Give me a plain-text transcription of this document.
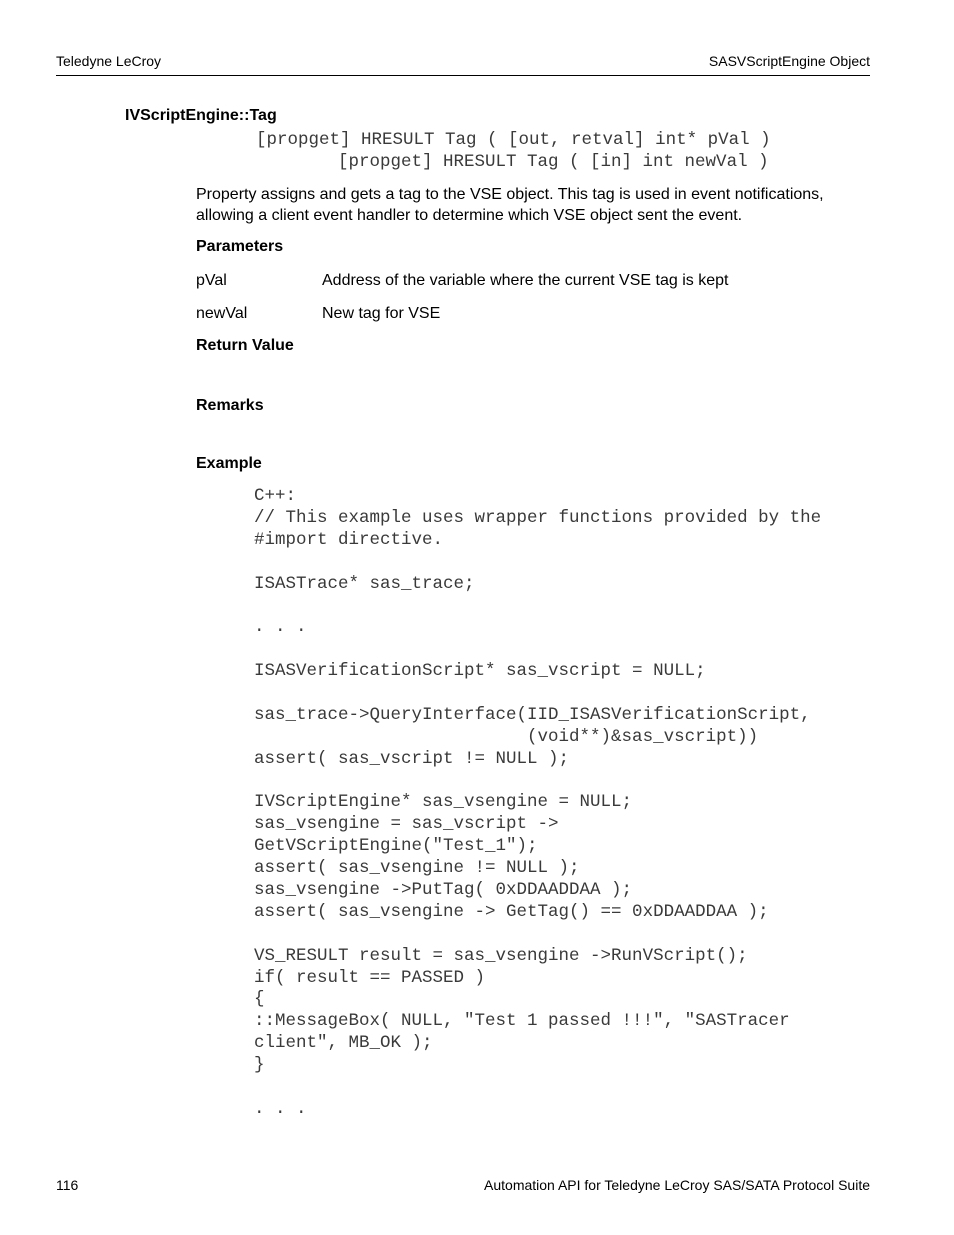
Teledyne LeCroy	SASVScriptEngine Object
IVScriptEngine::Tag
[propget] HRESULT Tag ( [out, retval] int* pVal )
[propget] HRESULT Tag ( [in] int newVal )
Property assigns and gets a tag to the VSE object. This tag is used in event notifications, allowing a client event handler to determine which VSE object sent the event.
Parameters
pVal	Address of the variable where the current VSE tag is kept
newVal	New tag for VSE
Return Value
Remarks
Example
C++:
// This example uses wrapper functions provided by the
#import directive.
ISASTrace* sas_trace;
. . .
ISASVerificationScript* sas_vscript = NULL;
sas_trace->QueryInterface(IID_ISASVerificationScript,
(void**)&sas_vscript))
assert( sas_vscript != NULL );
IVScriptEngine* sas_vsengine = NULL;
sas_vsengine = sas_vscript ->
GetVScriptEngine("Test_1");
assert( sas_vsengine != NULL );
sas_vsengine ->PutTag( 0xDDAADDAA );
assert( sas_vsengine -> GetTag() == 0xDDAADDAA );
VS_RESULT result = sas_vsengine ->RunVScript();
if( result == PASSED )
{
::MessageBox( NULL, "Test 1 passed !!!", "SASTracer
client", MB_OK );
}
. . .
116	Automation API for Teledyne LeCroy SAS/SATA Protocol Suite
